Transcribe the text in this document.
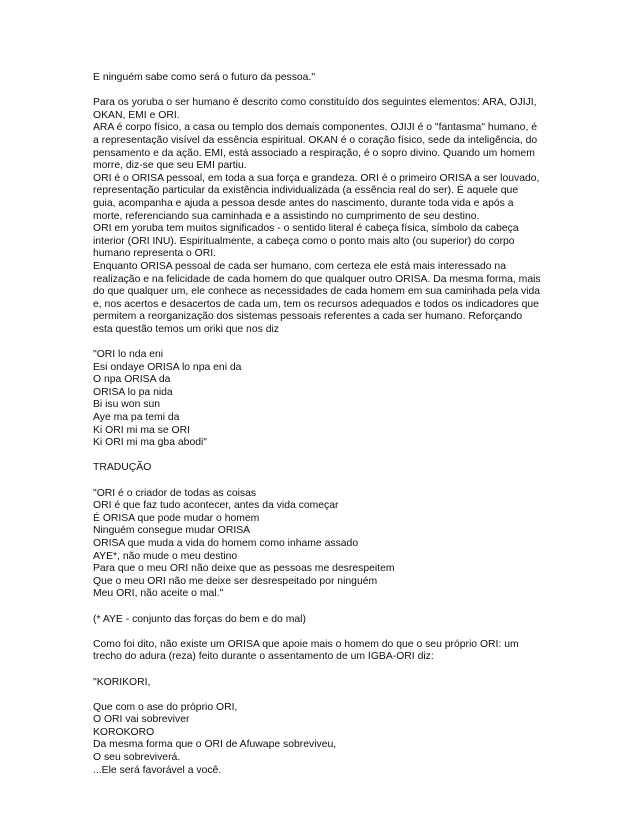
E ninguém sabe como será o futuro da pessoa."
Para os yoruba o ser humano é descrito como constituído dos seguintes elementos: ARA, OJIJI,
OKAN, EMI e ORI.
ARA é corpo físico, a casa ou templo dos demais componentes. OJIJI é o "fantasma" humano, é
a representação visível da essência espiritual. OKAN é o coração físico, sede da inteligência, do
pensamento e da ação. EMI, está associado a respiração, é o sopro divino. Quando um homem
morre, diz-se que seu EMI partiu.
ORI é o ORISA pessoal, em toda a sua força e grandeza. ORI é o primeiro ORISA a ser louvado,
representação particular da existência individualizada (a essência real do ser). É aquele que
guia, acompanha e ajuda a pessoa desde antes do nascimento, durante toda vida e após a
morte, referenciando sua caminhada e a assistindo no cumprimento de seu destino.
ORI em yoruba tem muitos significados - o sentido literal é cabeça física, símbolo da cabeça
interior (ORI INU). Espiritualmente, a cabeça como o ponto mais alto (ou superior) do corpo
humano representa o ORI.
Enquanto ORISA pessoal de cada ser humano, com certeza ele está mais interessado na
realização e na felicidade de cada homem do que qualquer outro ORISA. Da mesma forma, mais
do que qualquer um, ele conhece as necessidades de cada homem em sua caminhada pela vida
e, nos acertos e desacertos de cada um, tem os recursos adequados e todos os indicadores que
permitem a reorganização dos sistemas pessoais referentes a cada ser humano. Reforçando
esta questão temos um oriki que nos diz
"ORI lo nda eni
Esi ondaye ORISA lo npa eni da
O npa ORISA da
ORISA lo pa nida
Bi isu won sun
Aye ma pa temi da
Ki ORI mi ma se ORI
Ki ORI mi ma gba abodi"
TRADUÇÃO
"ORI é o criador de todas as coisas
ORI é que faz tudo acontecer, antes da vida começar
É ORISA que pode mudar o homem
Ninguém consegue mudar ORISA
ORISA que muda a vida do homem como inhame assado
AYE*, não mude o meu destino
Para que o meu ORI não deixe que as pessoas me desrespeitem
Que o meu ORI não me deixe ser desrespeitado por ninguém
Meu ORI, não aceite o mal."
(* AYE - conjunto das forças do bem e do mal)
Como foi dito, não existe um ORISA que apoie mais o homem do que o seu próprio ORI: um
trecho do adura (reza) feito durante o assentamento de um IGBA-ORI diz:
"KORIKORI,
Que com o ase do próprio ORI,
O ORI vai sobreviver
KOROKORO
Da mesma forma que o ORI de Afuwape sobreviveu,
O seu sobreviverá.
...Ele será favorável a você.
